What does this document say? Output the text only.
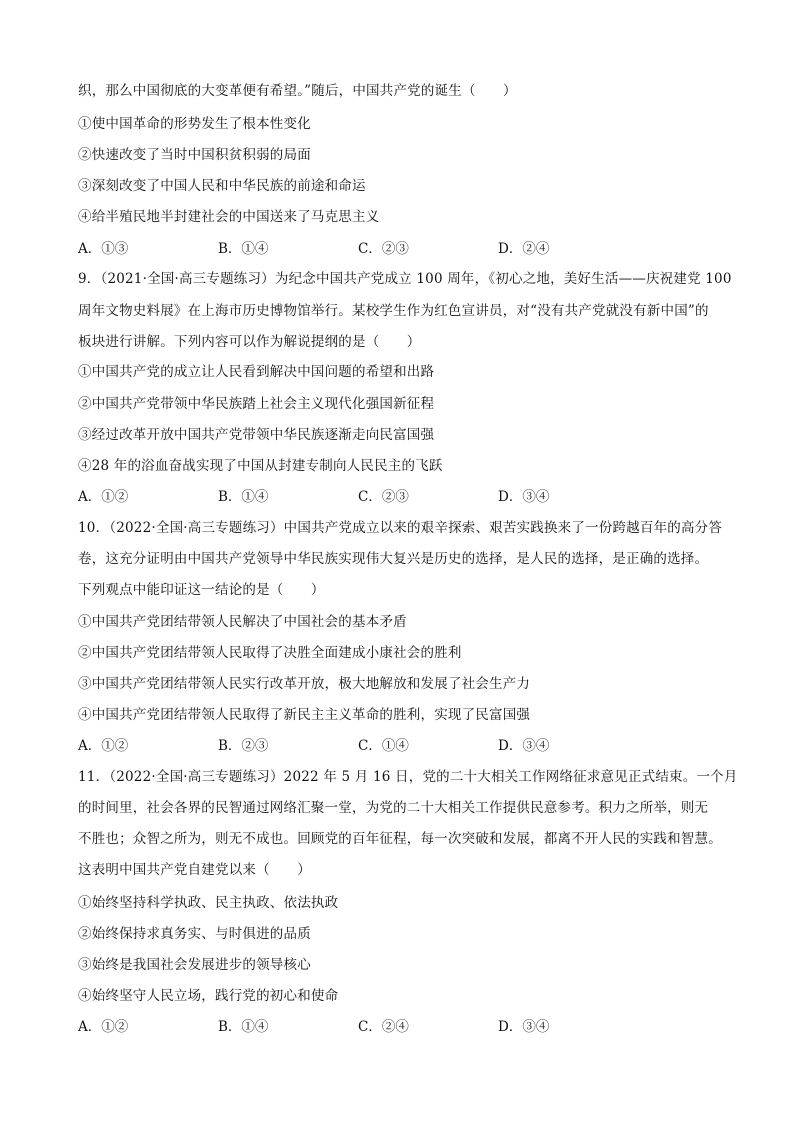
织，那么中国彻底的大变革便有希望。”随后，中国共产党的诞生（　　）
①使中国革命的形势发生了根本性变化
②快速改变了当时中国积贫积弱的局面
③深刻改变了中国人民和中华民族的前途和命运
④给半殖民地半封建社会的中国送来了马克思主义
A．①③	B．①④	C．②③	D．②④
9．（2021·全国·高三专题练习）为纪念中国共产党成立 100 周年，《初心之地，美好生活——庆祝建党 100
周年文物史料展》在上海市历史博物馆举行。某校学生作为红色宣讲员，对“没有共产党就没有新中国”的
板块进行讲解。下列内容可以作为解说提纲的是（　　）
①中国共产党的成立让人民看到解决中国问题的希望和出路
②中国共产党带领中华民族踏上社会主义现代化强国新征程
③经过改革开放中国共产党带领中华民族逐渐走向民富国强
④28 年的浴血奋战实现了中国从封建专制向人民民主的飞跃
A．①②	B．①④	C．②③	D．③④
10．（2022·全国·高三专题练习）中国共产党成立以来的艰辛探索、艰苦实践换来了一份跨越百年的高分答
卷，这充分证明由中国共产党领导中华民族实现伟大复兴是历史的选择，是人民的选择，是正确的选择。
下列观点中能印证这一结论的是（　　）
①中国共产党团结带领人民解决了中国社会的基本矛盾
②中国共产党团结带领人民取得了决胜全面建成小康社会的胜利
③中国共产党团结带领人民实行改革开放，极大地解放和发展了社会生产力
④中国共产党团结带领人民取得了新民主主义革命的胜利，实现了民富国强
A．①②	B．②③	C．①④	D．③④
11．（2022·全国·高三专题练习）2022 年 5 月 16 日，党的二十大相关工作网络征求意见正式结束。一个月
的时间里，社会各界的民智通过网络汇聚一堂，为党的二十大相关工作提供民意参考。积力之所举，则无
不胜也；众智之所为，则无不成也。回顾党的百年征程，每一次突破和发展，都离不开人民的实践和智慧。
这表明中国共产党自建党以来（　　）
①始终坚持科学执政、民主执政、依法执政
②始终保持求真务实、与时俱进的品质
③始终是我国社会发展进步的领导核心
④始终坚守人民立场，践行党的初心和使命
A．①②	B．①④	C．②④	D．③④
